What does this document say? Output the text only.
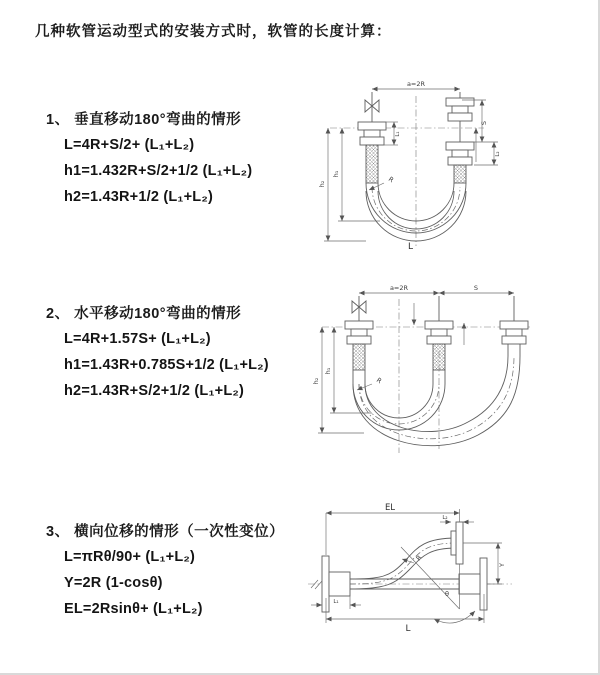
几种软管运动型式的安装方式时，软管的长度计算：
1、 垂直移动180°弯曲的情形

L=4R+S/2+ (L₁+L₂)

h1=1.432R+S/2+1/2 (L₁+L₂)

h2=1.43R+1/2 (L₁+L₂)

2、 水平移动180°弯曲的情形

L=4R+1.57S+ (L₁+L₂)

h1=1.43R+0.785S+1/2 (L₁+L₂)

h2=1.43R+S/2+1/2 (L₁+L₂)

3、 横向位移的情形（一次性变位）

L=πRθ/90+ (L₁+L₂)

Y=2R (1-cosθ)

EL=2Rsinθ+ (L₁+L₂)

a=2R
S
L₂
L₁
h₁
h₂	R
L
a=2R	S
h₁
h₂	R
θ
R
EL
L₂
Y
L
L₁
